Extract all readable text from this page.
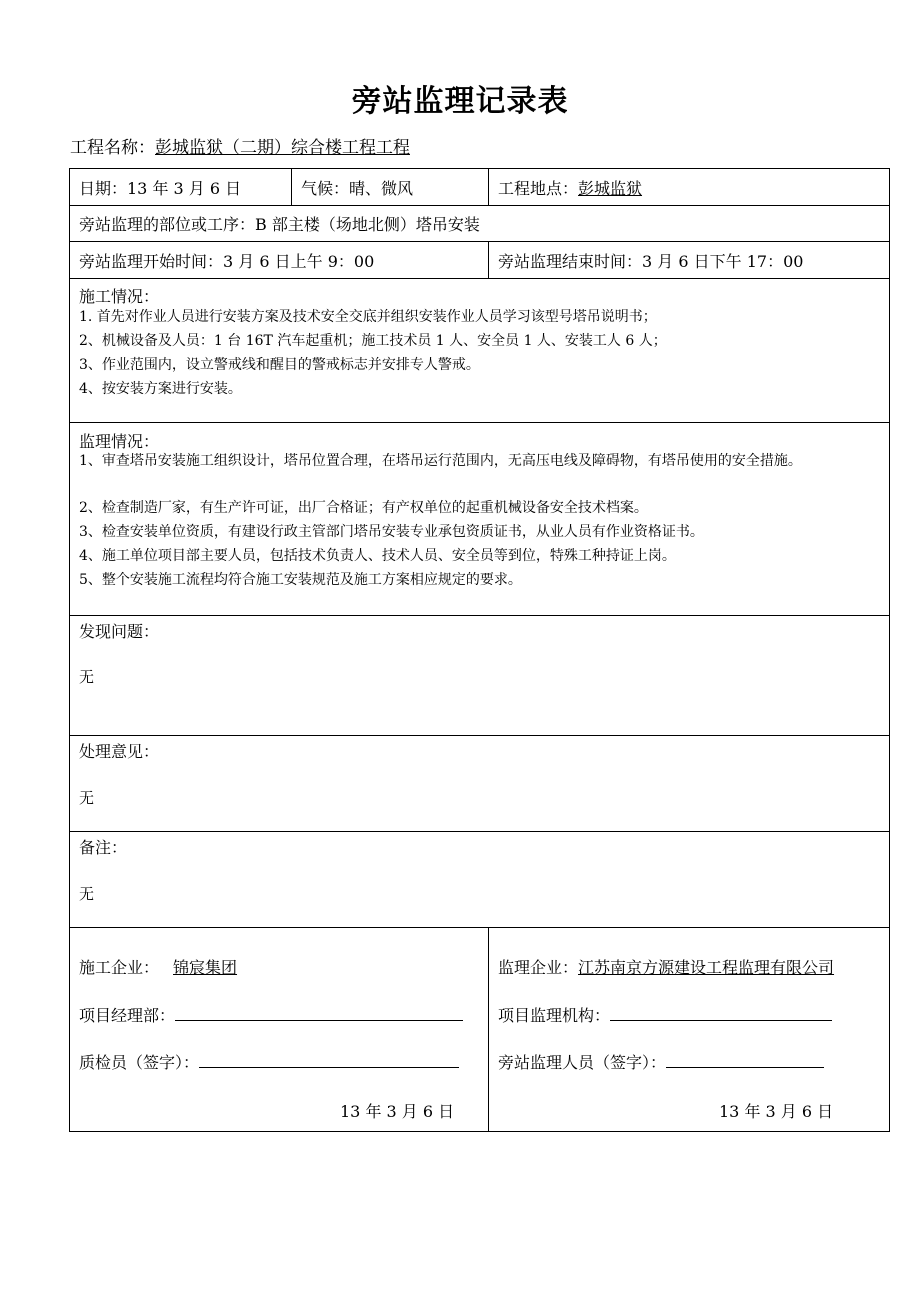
旁站监理记录表
工程名称：彭城监狱（二期）综合楼工程工程
日期：13 年 3 月 6 日	气候：晴、微风	工程地点： 彭城监狱
旁站监理的部位或工序：B 部主楼（场地北侧）塔吊安装
旁站监理开始时间：3 月 6 日上午 9：00	旁站监理结束时间：3 月 6 日下午 17：00
施工情况：
1. 首先对作业人员进行安装方案及技术安全交底并组织安装作业人员学习该型号塔吊说明书；
2、机械设备及人员：1 台 16T 汽车起重机；施工技术员 1 人、安全员 1 人、安装工人 6 人；
3、作业范围内，设立警戒线和醒目的警戒标志并安排专人警戒。
4、按安装方案进行安装。
监理情况：
1、审查塔吊安装施工组织设计，塔吊位置合理，在塔吊运行范围内，无高压电线及障碍物，有塔吊使用的安全措施。
2、检查制造厂家，有生产许可证，出厂合格证；有产权单位的起重机械设备安全技术档案。
3、检查安装单位资质，有建设行政主管部门塔吊安装专业承包资质证书，从业人员有作业资格证书。
4、施工单位项目部主要人员，包括技术负责人、技术人员、安全员等到位，特殊工种持证上岗。
5、整个安装施工流程均符合施工安装规范及施工方案相应规定的要求。
发现问题：
无
处理意见：
无
备注：
无
施工企业： 锦宸集团
项目经理部：
质检员（签字）：
13 年 3 月 6 日
监理企业：江苏南京方源建设工程监理有限公司
项目监理机构：
旁站监理人员（签字）：
13 年 3 月 6 日
